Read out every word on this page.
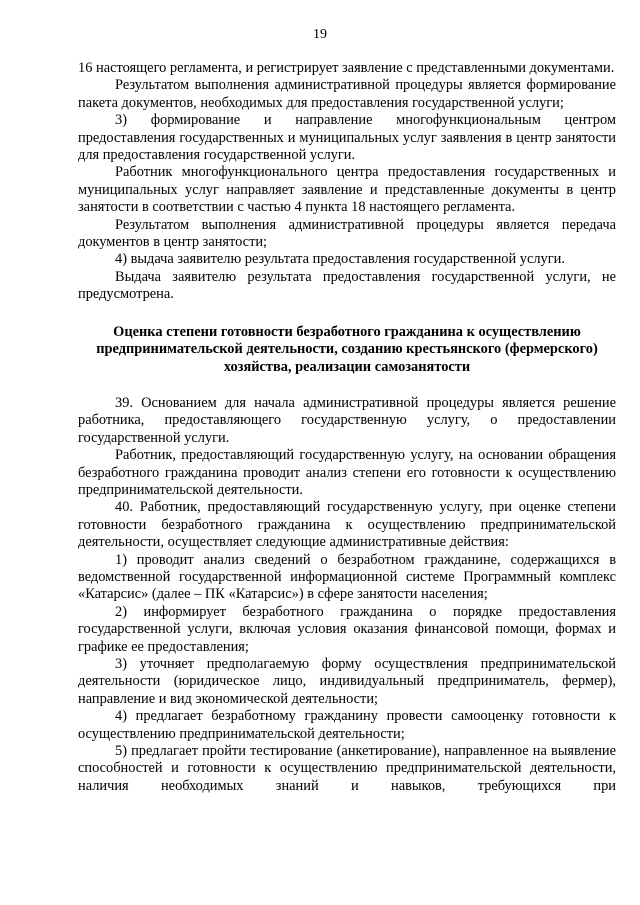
19

16 настоящего регламента, и регистрирует заявление с представленными документами.

Результатом выполнения административной процедуры является формирование пакета документов, необходимых для предоставления государственной услуги;

3) формирование и направление многофункциональным центром предоставления государственных и муниципальных услуг заявления в центр занятости для предоставления государственной услуги.

Работник многофункционального центра предоставления государственных и муниципальных услуг направляет заявление и представленные документы в центр занятости в соответствии с частью 4 пункта 18 настоящего регламента.

Результатом выполнения административной процедуры является передача документов в центр занятости;

4) выдача заявителю результата предоставления государственной услуги.

Выдача заявителю результата предоставления государственной услуги, не предусмотрена.

Оценка степени готовности безработного гражданина к осуществлению предпринимательской деятельности, созданию крестьянского (фермерского) хозяйства, реализации самозанятости

39. Основанием для начала административной процедуры является решение работника, предоставляющего государственную услугу, о предоставлении государственной услуги.

Работник, предоставляющий государственную услугу, на основании обращения безработного гражданина проводит анализ степени его готовности к осуществлению предпринимательской деятельности.

40. Работник, предоставляющий государственную услугу, при оценке степени готовности безработного гражданина к осуществлению предпринимательской деятельности, осуществляет следующие административные действия:

1) проводит анализ сведений о безработном гражданине, содержащихся в ведомственной государственной информационной системе Программный комплекс «Катарсис» (далее – ПК «Катарсис») в сфере занятости населения;

2) информирует безработного гражданина о порядке предоставления государственной услуги, включая условия оказания финансовой помощи, формах и графике ее предоставления;

3) уточняет предполагаемую форму осуществления предпринимательской деятельности (юридическое лицо, индивидуальный предприниматель, фермер), направление и вид экономической деятельности;

4) предлагает безработному гражданину провести самооценку готовности к осуществлению предпринимательской деятельности;

5) предлагает пройти тестирование (анкетирование), направленное на выявление способностей и готовности к осуществлению предпринимательской деятельности, наличия необходимых знаний и навыков, требующихся при
